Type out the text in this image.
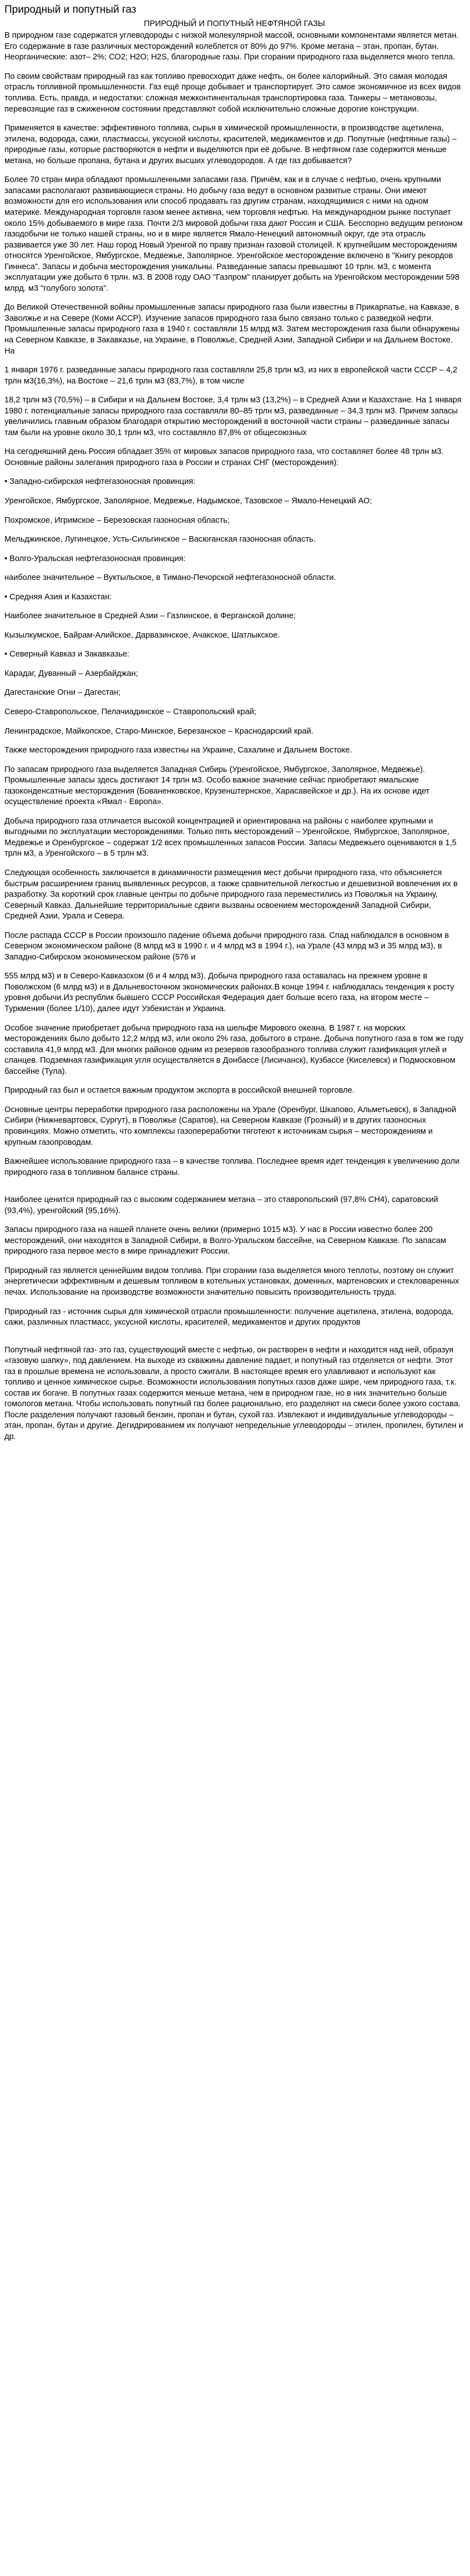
Природный и попутный газ

ПРИРОДНЫЙ И ПОПУТНЫЙ НЕФТЯНОЙ ГАЗЫ

В природном газе содержатся углеводороды с низкой молекулярной массой, основными компонентами является метан. Его содержание в газе различных месторождений колеблется от 80% до 97%. Кроме метана – этан, пропан, бутан. Неорганические: азот– 2%; СО2; Н2О; Н2S, благородные газы. При сгорании природного газа выделяется много тепла.

По своим свойствам природный газ как топливо превосходит даже нефть, он более калорийный. Это самая молодая отрасль топливной промышленности. Газ ещё проще добывает и транспортирует. Это самое экономичное из всех видов топлива. Есть, правда, и недостатки: сложная межконтинентальная транспортировка газа. Танкеры – метановозы, перевозящие газ в сжиженном состоянии представляют собой исключительно сложные дорогие конструкции.

Применяется в качестве: эффективного топлива, сырья в химической промышленности, в производстве ацетилена, этилена, водорода, сажи, пластмассы, уксусной кислоты, красителей, медикаментов и др. Попутные (нефтяные газы) – природные газы, которые растворяются в нефти и выделяются при её добыче. В нефтяном газе содержится меньше метана, но больше пропана, бутана и других высших углеводородов. А где газ добывается?

Более 70 стран мира обладают промышленными запасами газа. Причём, как и в случае с нефтью, очень крупными запасами располагают развивающиеся страны. Но добычу газа ведут в основном развитые страны. Они имеют возможности для его использования или способ продавать газ другим странам, находящимися с ними на одном материке. Международная торговля газом менее активна, чем торговля нефтью. На международном рынке поступает около 15% добываемого в мире газа. Почти 2/3 мировой добычи газа дают Россия и США. Бесспорно ведущим регионом газодобычи не только нашей страны, но и в мире является Ямало-Ненецкий автономный округ, где эта отрасль развивается уже 30 лет. Наш город Новый Уренгой по праву признан газовой столицей. К крупнейшим месторождениям относятся Уренгойское, Ямбургское, Медвежье, Заполярное. Уренгойское месторождение включено в "Книгу рекордов Гиннеса". Запасы и добыча месторождения уникальны. Разведанные запасы превышают 10 трлн. м3, с момента эксплуатации уже добыто 6 трлн. м3. В 2008 году ОАО "Газпром" планирует добыть на Уренгойском месторождении 598 млрд. м3 "голубого золота".

До Великой Отечественной войны промышленные запасы природного газа были известны в Прикарпатье, на Кавказе, в Заволжье и на Севере (Коми АССР). Изучение запасов природного газа было связано только с разведкой нефти. Промышленные запасы природного газа в 1940 г. составляли 15 млрд м3. Затем месторождения газа были обнаружены на Северном Кавказе, в Закавказье, на Украине, в Поволжье, Средней Азии, Западной Сибири и на Дальнем Востоке. На

1 января 1976 г. разведанные запасы природного газа составляли 25,8 трлн м3, из них в европейской части СССР – 4,2 трлн м3(16,3%), на Востоке – 21,6 трлн м3 (83,7%), в том числе

18,2 трлн м3 (70,5%) – в Сибири и на Дальнем Востоке, 3,4 трлн м3 (13,2%) – в Средней Азии и Казахстане. На 1 января 1980 г. потенциальные запасы природного газа составляли 80–85 трлн м3, разведанные – 34,3 трлн м3. Причем запасы увеличились главным образом благодаря открытию месторождений в восточной части страны – разведанные запасы там были на уровне около 30,1 трлн м3, что составляло 87,8% от общесоюзных

На сегодняшний день Россия обладает 35% от мировых запасов природного газа, что составляет более 48 трлн м3. Основные районы залегания природного газа в России и странах СНГ (месторождения):

• Западно-сибирская нефтегазоносная провинция:

Уренгойское, Ямбургское, Заполярное, Медвежье, Надымское, Тазовское – Ямало-Ненецкий АО;

Похромское, Игримское – Березовская газоносная область;

Мельджинское, Лугинецкое, Усть-Сильгинское – Васюганская газоносная область.

• Волго-Уральская нефтегазоносная провинция:

наиболее значительное – Вуктыльское, в Тимано-Печорской нефтегазоносной области.

• Средняя Азия и Казахстан:

Наиболее значительное в Средней Азии – Газлинское, в Ферганской долине;

Кызылкумское, Байрам-Алийское, Дарвазинское, Ачакское, Шатлыкское.

• Северный Кавказ и Закавказье:

Карадаг, Дуванный – Азербайджан;

Дагестанские Огни – Дагестан;

Северо-Ставропольское, Пелачиадинское – Ставропольский край;

Ленинградское, Майкопское, Старо-Минское, Березанское – Краснодарский край.

Также месторождения природного газа известны на Украине, Сахалине и Дальнем Востоке.

По запасам природного газа выделяется Западная Сибирь (Уренгойское, Ямбургское, Заполярное, Медвежье). Промышленные запасы здесь достигают 14 трлн м3. Особо важное значение сейчас приобретают ямальские газоконденсатные месторождения (Бованенковское, Крузенштернское, Харасавейское и др.). На их основе идет осуществление проекта «Ямал - Европа».

Добыча природного газа отличается высокой концентрацией и ориентирована на районы с наиболее крупными и выгодными по эксплуатации месторождениями. Только пять месторождений – Уренгойское, Ямбургское, Заполярное, Медвежье и Оренбургское – содержат 1/2 всех промышленных запасов России. Запасы Медвежьего оцениваются в 1,5 трлн м3, а Уренгойского – в 5 трлн м3.

Следующая особенность заключается в динамичности размещения мест добычи природного газа, что объясняется быстрым расширением границ выявленных ресурсов, а также сравнительной легкостью и дешевизной вовлечения их в разработку. За короткий срок главные центры по добыче природного газа переместились из Поволжья на Украину, Северный Кавказ. Дальнейшие территориальные сдвиги вызваны освоением месторождений Западной Сибири, Средней Азии, Урала и Севера.

После распада СССР в России произошло падение объема добычи природного газа. Спад наблюдался в основном в Северном экономическом районе (8 млрд м3 в 1990 г. и 4 млрд м3 в 1994 г.), на Урале (43 млрд м3 и 35 млрд м3), в Западно-Сибирском экономическом районе (576 и

555 млрд м3) и в Северо-Кавказском (6 и 4 млрд м3). Добыча природного газа оставалась на прежнем уровне в Поволжском (6 млрд м3) и в Дальневосточном экономических районах.В конце 1994 г. наблюдалась тенденция к росту уровня добычи.Из республик бывшего СССР Российская Федерация дает больше всего газа, на втором месте – Туркмения (более 1/10), далее идут Узбекистан и Украина.

Особое значение приобретает добыча природного газа на шельфе Мирового океана. В 1987 г. на морских месторождениях было добыто 12,2 млрд м3, или около 2% газа, добытого в стране. Добыча попутного газа в том же году составила 41,9 млрд м3. Для многих районов одним из резервов газообразного топлива служит газификация углей и сланцев. Подземная газификация угля осуществляется в Донбассе (Лисичанск), Кузбассе (Киселевск) и Подмосковном бассейне (Тула).

Природный газ был и остается важным продуктом экспорта в российской внешней торговле.

Основные центры переработки природного газа расположены на Урале (Оренбург, Шкапово, Альметьевск), в Западной Сибири (Нижневартовск, Сургут), в Поволжье (Саратов), на Северном Кавказе (Грозный) и в других газоносных провинциях. Можно отметить, что комплексы газопереработки тяготеют к источникам сырья – месторождениям и крупным газопроводам.

Важнейшее использование природного газа – в качестве топлива. Последнее время идет тенденция к увеличению доли природного газа в топливном балансе страны.

Наиболее ценится природный газ с высоким содержанием метана – это ставропольский (97,8% СН4), саратовский (93,4%), уренгойский (95,16%).

Запасы природного газа на нашей планете очень велики (примерно 1015 м3). У нас в России известно более 200 месторождений, они находятся в Западной Сибири, в Волго-Уральском бассейне, на Северном Кавказе. По запасам природного газа первое место в мире принадлежит России.

Природный газ является ценнейшим видом топлива. При сгорании газа выделяется много теплоты, поэтому он служит энергетически эффективным и дешевым топливом в котельных установках, доменных, мартеновских и стекловаренных печах. Использование на производстве возможности значительно повысить производительность труда.

Природный газ - источник сырья для химической отрасли промышленности: получение ацетилена, этилена, водорода, сажи, различных пластмасс, уксусной кислоты, красителей, медикаментов и других продуктов

Попутный нефтяной газ- это газ, существующий вместе с нефтью, он растворен в нефти и находится над ней, образуя «газовую шапку», под давлением. На выходе из скважины давление падает, и попутный газ отделяется от нефти. Этот газ в прошлые времена не использовали, а просто сжигали. В настоящее время его улавливают и используют как топливо и ценное химическое сырье. Возможности использования попутных газов даже шире, чем природного газа, т.к. состав их богаче. В попутных газах содержится меньше метана, чем в природном газе, но в них значительно больше гомологов метана. Чтобы использовать попутный газ более рационально, его разделяют на смеси более узкого состава. После разделения получают газовый бензин, пропан и бутан, сухой газ. Извлекают и индивидуальные углеводороды – этан, пропан, бутан и другие. Дегидрированием их получают непредельные углеводороды – этилен, пропилен, бутилен и др.
